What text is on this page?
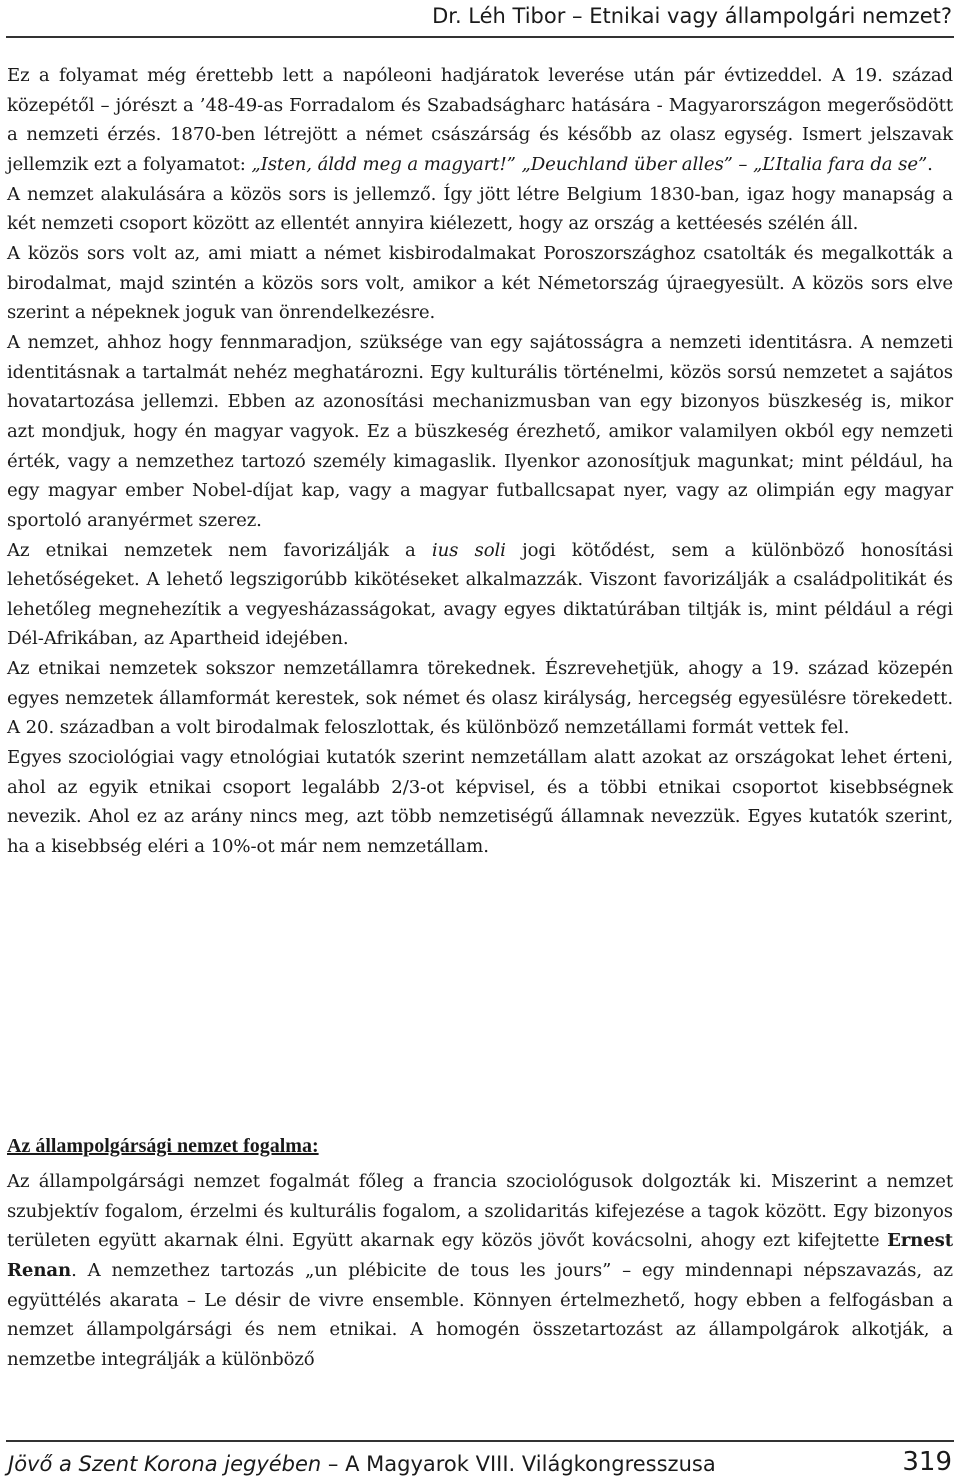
Dr. Léh Tibor – Etnikai vagy állampolgári nemzet?

Ez a folyamat még érettebb lett a napóleoni hadjáratok leverése után pár évtizeddel. A 19. század közepétől – jórészt a ’48-49-as Forradalom és Szabadságharc hatására - Magyarországon megerősödött a nemzeti érzés. 1870-ben létrejött a német császárság és később az olasz egység. Ismert jelszavak jellemzik ezt a folyamatot: „Isten, áldd meg a magyart!” „Deuchland über alles” – „L’Italia fara da se”.

A nemzet alakulására a közös sors is jellemző. Így jött létre Belgium 1830-ban, igaz hogy manapság a két nemzeti csoport között az ellentét annyira kiélezett, hogy az ország a kettéesés szélén áll.

A közös sors volt az, ami miatt a német kisbirodalmakat Poroszországhoz csatolták és megalkották a birodalmat, majd szintén a közös sors volt, amikor a két Németország újraegyesült. A közös sors elve szerint a népeknek joguk van önrendelkezésre.

A nemzet, ahhoz hogy fennmaradjon, szüksége van egy sajátosságra a nemzeti identitásra. A nemzeti identitásnak a tartalmát nehéz meghatározni. Egy kulturális történelmi, közös sorsú nemzetet a sajátos hovatartozása jellemzi. Ebben az azonosítási mechanizmusban van egy bizonyos büszkeség is, mikor azt mondjuk, hogy én magyar vagyok. Ez a büszkeség érezhető, amikor valamilyen okból egy nemzeti érték, vagy a nemzethez tartozó személy kimagaslik. Ilyenkor azonosítjuk magunkat; mint például, ha egy magyar ember Nobel-díjat kap, vagy a magyar futballcsapat nyer, vagy az olimpián egy magyar sportoló aranyérmet szerez.

Az etnikai nemzetek nem favorizálják a ius soli jogi kötődést, sem a különböző honosítási lehetőségeket. A lehető legszigorúbb kikötéseket alkalmazzák. Viszont favorizálják a családpolitikát és lehetőleg megnehezítik a vegyesházasságokat, avagy egyes diktatúrában tiltják is, mint például a régi Dél-Afrikában, az Apartheid idejében.

Az etnikai nemzetek sokszor nemzetállamra törekednek. Észrevehetjük, ahogy a 19. század közepén egyes nemzetek államformát kerestek, sok német és olasz királyság, hercegség egyesülésre törekedett. A 20. században a volt birodalmak feloszlottak, és különböző nemzetállami formát vettek fel.

Egyes szociológiai vagy etnológiai kutatók szerint nemzetállam alatt azokat az országokat lehet érteni, ahol az egyik etnikai csoport legalább 2/3-ot képvisel, és a többi etnikai csoportot kisebbségnek nevezik. Ahol ez az arány nincs meg, azt több nemzetiségű államnak nevezzük. Egyes kutatók szerint, ha a kisebbség eléri a 10%-ot már nem nemzetállam.

Az állampolgársági nemzet fogalma:

Az állampolgársági nemzet fogalmát főleg a francia szociológusok dolgozták ki. Miszerint a nemzet szubjektív fogalom, érzelmi és kulturális fogalom, a szolidaritás kifejezése a tagok között. Egy bizonyos területen együtt akarnak élni. Együtt akarnak egy közös jövőt kovácsolni, ahogy ezt kifejtette Ernest Renan. A nemzethez tartozás „un plébicite de tous les jours” – egy mindennapi népszavazás, az együttélés akarata – Le désir de vivre ensemble. Könnyen értelmezhető, hogy ebben a felfogásban a nemzet állampolgársági és nem etnikai. A homogén összetartozást az állampolgárok alkotják, a nemzetbe integrálják a különböző

Jövő a Szent Korona jegyében – A Magyarok VIII. Világkongresszusa	319
